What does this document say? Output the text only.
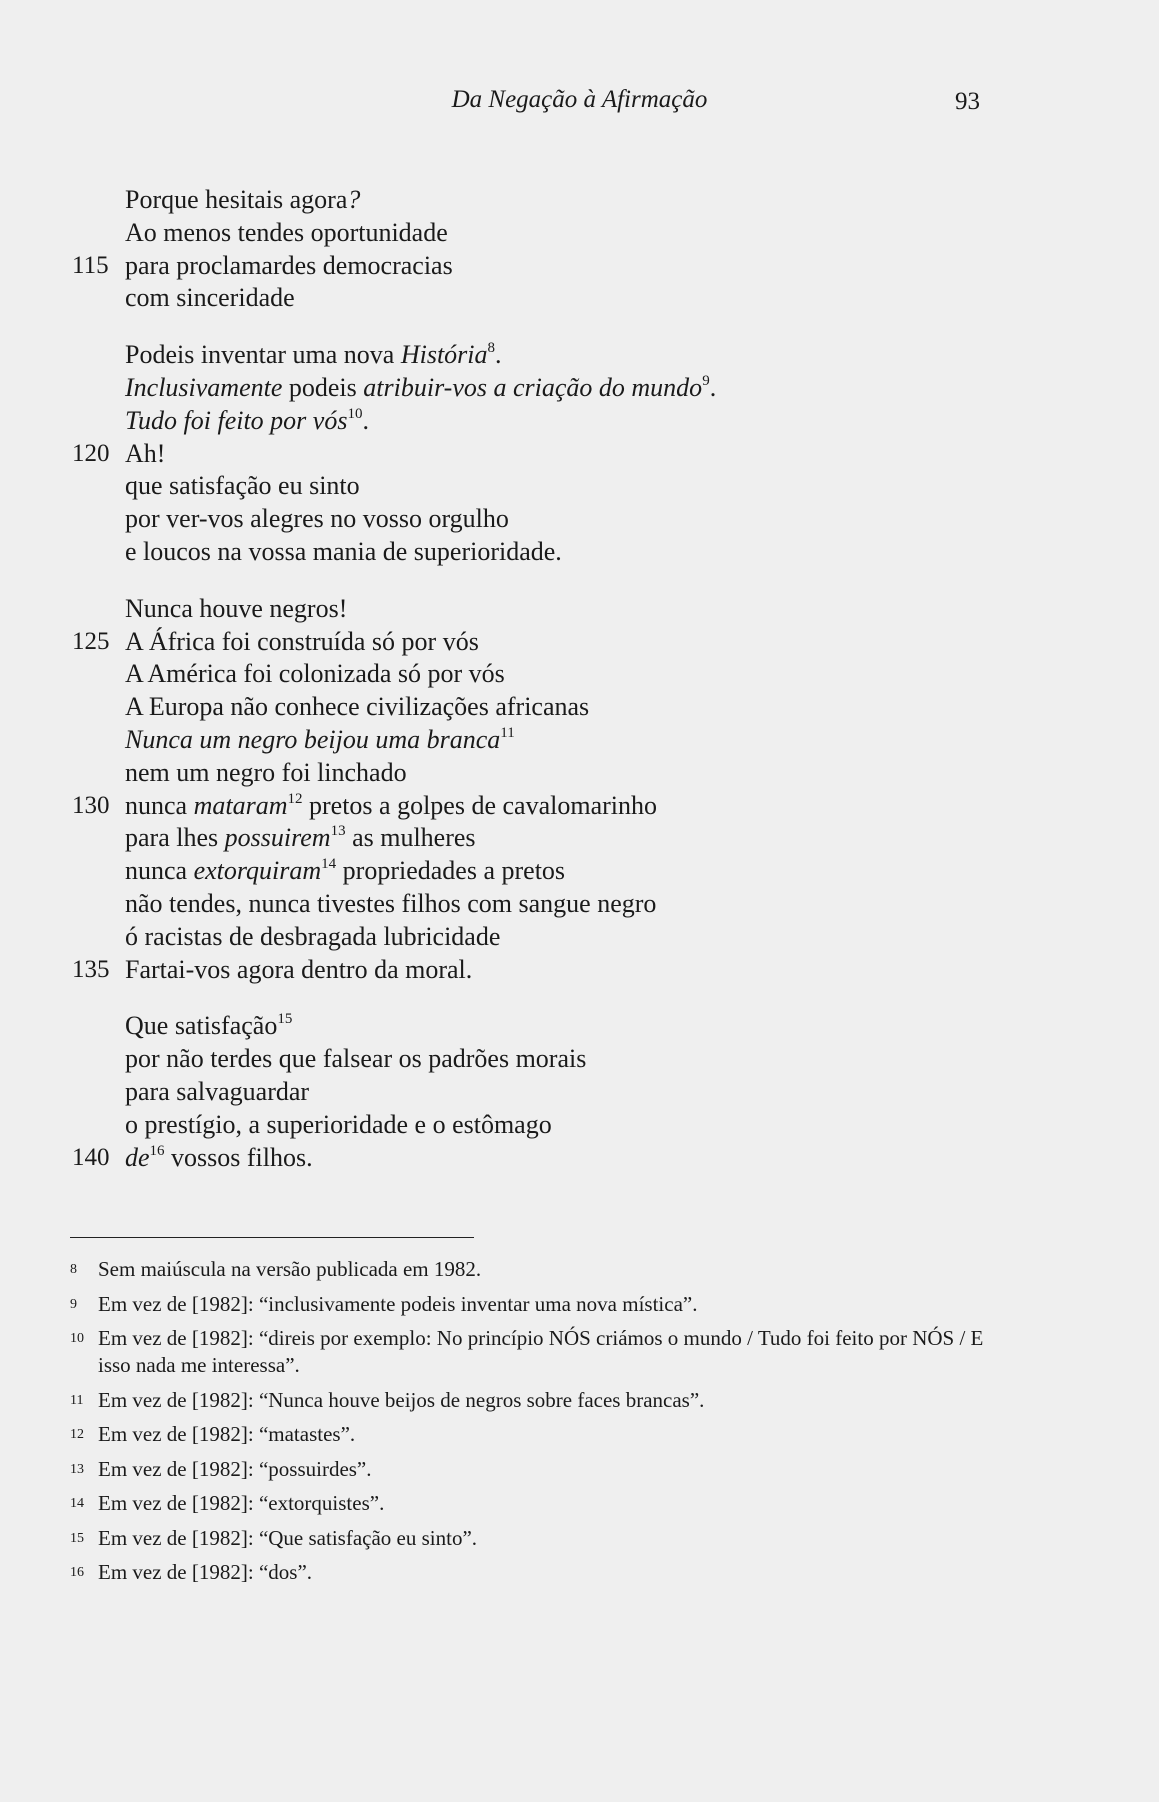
Da Negação à Afirmação	93
Porque hesitais agora?
Ao menos tendes oportunidade
115 para proclamardes democracias
com sinceridade
Podeis inventar uma nova História$^8$.
Inclusivamente podeis atribuir-vos a criação do mundo$^9$.
Tudo foi feito por vós$^{10}$.
120 Ah!
que satisfação eu sinto
por ver-vos alegres no vosso orgulho
e loucos na vossa mania de superioridade.
Nunca houve negros!
125 A África foi construída só por vós
A América foi colonizada só por vós
A Europa não conhece civilizações africanas
Nunca um negro beijou uma branca$^{11}$
nem um negro foi linchado
130 nunca mataram$^{12}$ pretos a golpes de cavalomarinho
para lhes possuirem$^{13}$ as mulheres
nunca extorquiram$^{14}$ propriedades a pretos
não tendes, nunca tivestes filhos com sangue negro
ó racistas de desbragada lubricidade
135 Fartai-vos agora dentro da moral.
Que satisfação$^{15}$
por não terdes que falsear os padrões morais
para salvaguardar
o prestígio, a superioridade e o estômago
140 $de^{16}$ vossos filhos.
8 Sem maiúscula na versão publicada em 1982.
9 Em vez de [1982]: “inclusivamente podeis inventar uma nova mística”.
10 Em vez de [1982]: “direis por exemplo: No princípio NÓS criámos o mundo / Tudo foi feito por NÓS / E isso nada me interessa”.
11 Em vez de [1982]: “Nunca houve beijos de negros sobre faces brancas”.
12 Em vez de [1982]: “matastes”.
13 Em vez de [1982]: “possuirdes”.
14 Em vez de [1982]: “extorquistes”.
15 Em vez de [1982]: “Que satisfação eu sinto”.
16 Em vez de [1982]: “dos”.
